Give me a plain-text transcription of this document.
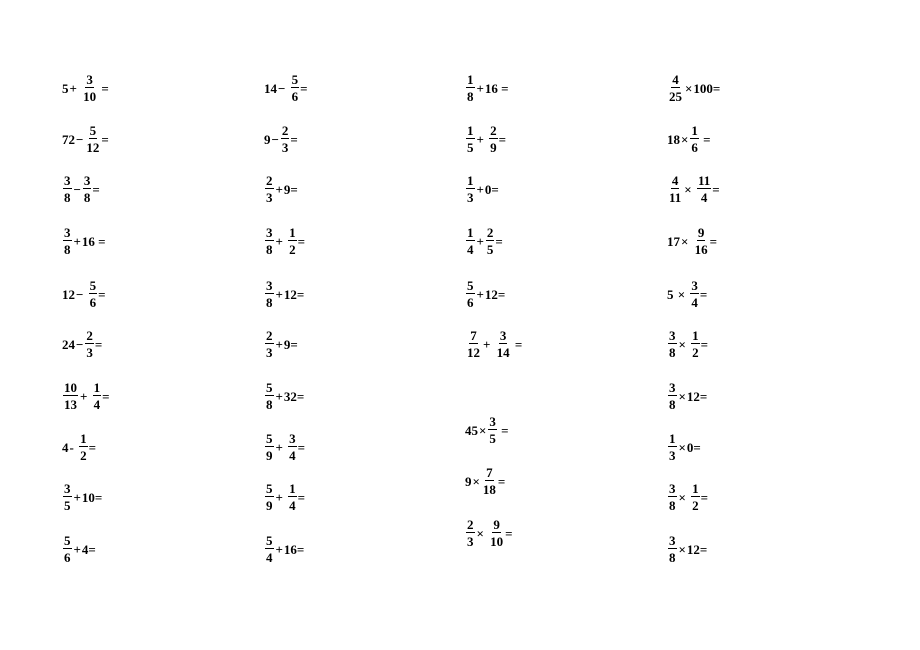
$5 + \frac{3}{10}$ =
$72 - \frac{5}{12}$ =
$\frac{3}{8} - \frac{3}{8}$ =
$\frac{3}{8} + 16$ =
$12 - \frac{5}{6}$ =
$24 - \frac{2}{3}$ =
$\frac{10}{13} + \frac{1}{4}$ =
$4 - \frac{1}{2}$ =
$\frac{3}{5} + 10=$
$\frac{5}{6} + 4=$
$14 - \frac{5}{6}$ =
$9 - \frac{2}{3}$ =
$\frac{2}{3} + 9=$
$\frac{3}{8} + \frac{1}{2}$ =
$\frac{3}{8} + 12=$
$\frac{2}{3} + 9=$
$\frac{5}{8} + 32=$
$\frac{5}{9} + \frac{3}{4}$ =
$\frac{5}{9} + \frac{1}{4}$ =
$\frac{5}{4} + 16=$
$\frac{1}{8} + 16$ =
$\frac{1}{5} + \frac{2}{9}$ =
$\frac{1}{3} + 0=$
$\frac{1}{4} + \frac{2}{5}$ =
$\frac{5}{6} + 12=$
$\frac{7}{12} + \frac{3}{14}$ =
$45 \times \frac{3}{5}$ =
$9 \times \frac{7}{18}$ =
$\frac{2}{3} \times \frac{9}{10}$ =
$\frac{4}{25} \times 100=$
$18 \times \frac{1}{6}$ =
$\frac{4}{11} \times \frac{11}{4}$ =
$17 \times \frac{9}{16}$ =
$5 \times \frac{3}{4}$ =
$\frac{3}{8} \times \frac{1}{2}$ =
$\frac{3}{8} \times 12=$
$\frac{1}{3} \times 0=$
$\frac{3}{8} \times \frac{1}{2}$ =
$\frac{3}{8} \times 12=$
